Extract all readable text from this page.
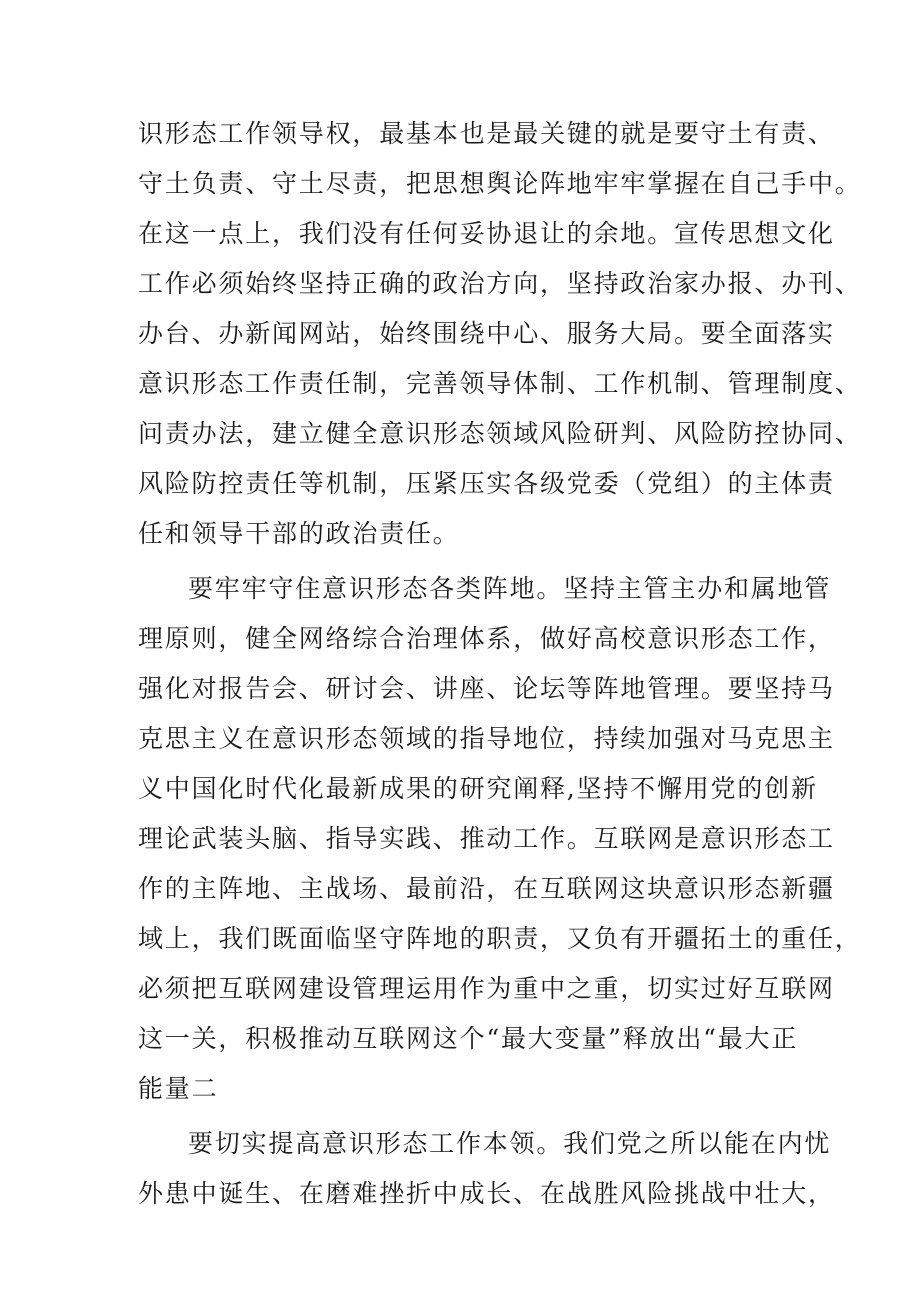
识形态工作领导权，最基本也是最关键的就是要守土有责、
守土负责、守土尽责，把思想舆论阵地牢牢掌握在自己手中。
在这一点上，我们没有任何妥协退让的余地。宣传思想文化
工作必须始终坚持正确的政治方向，坚持政治家办报、办刊、
办台、办新闻网站，始终围绕中心、服务大局。要全面落实
意识形态工作责任制，完善领导体制、工作机制、管理制度、
问责办法，建立健全意识形态领域风险研判、风险防控协同、
风险防控责任等机制，压紧压实各级党委（党组）的主体责
任和领导干部的政治责任。
要牢牢守住意识形态各类阵地。坚持主管主办和属地管
理原则，健全网络综合治理体系，做好高校意识形态工作，
强化对报告会、研讨会、讲座、论坛等阵地管理。要坚持马
克思主义在意识形态领域的指导地位，持续加强对马克思主
义中国化时代化最新成果的研究阐释,坚持不懈用党的创新
理论武装头脑、指导实践、推动工作。互联网是意识形态工
作的主阵地、主战场、最前沿，在互联网这块意识形态新疆
域上，我们既面临坚守阵地的职责，又负有开疆拓土的重任，
必须把互联网建设管理运用作为重中之重，切实过好互联网
这一关，积极推动互联网这个“最大变量”释放出“最大正
能量二
要切实提高意识形态工作本领。我们党之所以能在内忧
外患中诞生、在磨难挫折中成长、在战胜风险挑战中壮大，
